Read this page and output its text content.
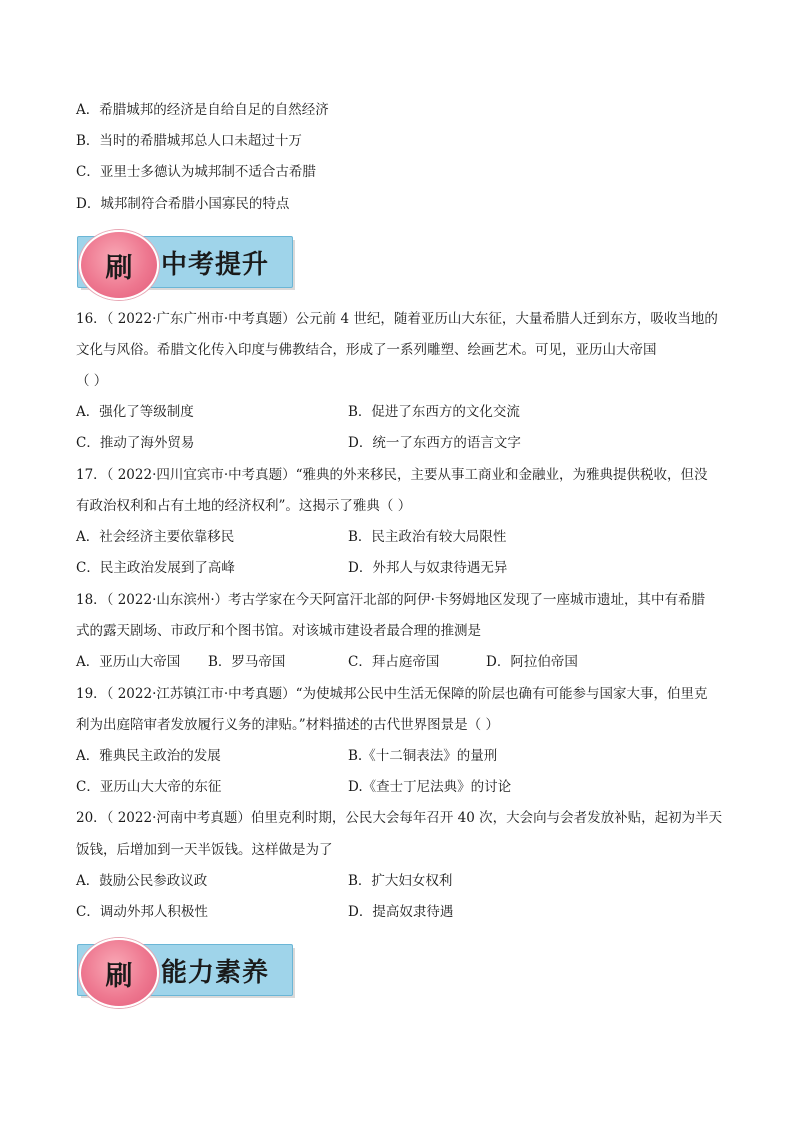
A．希腊城邦的经济是自给自足的自然经济
B．当时的希腊城邦总人口未超过十万
C．亚里士多德认为城邦制不适合古希腊
D．城邦制符合希腊小国寡民的特点
刷	中考提升
16．（ 2022·广东广州市·中考真题）公元前 4 世纪，随着亚历山大东征，大量希腊人迁到东方，吸收当地的
文化与风俗。希腊文化传入印度与佛教结合，形成了一系列雕塑、绘画艺术。可见，亚历山大帝国
（ ）
A．强化了等级制度	B．促进了东西方的文化交流
C．推动了海外贸易	D．统一了东西方的语言文字
17．（ 2022·四川宜宾市·中考真题）“雅典的外来移民，主要从事工商业和金融业，为雅典提供税收，但没
有政治权利和占有土地的经济权利”。这揭示了雅典（ ）
A．社会经济主要依靠移民	B．民主政治有较大局限性
C．民主政治发展到了高峰	D．外邦人与奴隶待遇无异
18．（ 2022·山东滨州·）考古学家在今天阿富汗北部的阿伊·卡努姆地区发现了一座城市遗址，其中有希腊
式的露天剧场、市政厅和个图书馆。对该城市建设者最合理的推测是
A．亚历山大帝国 B．罗马帝国	C．拜占庭帝国	D．阿拉伯帝国
19．（ 2022·江苏镇江市·中考真题）“为使城邦公民中生活无保障的阶层也确有可能参与国家大事，伯里克
利为出庭陪审者发放履行义务的津贴。”材料描述的古代世界图景是（ ）
A．雅典民主政治的发展	B.《十二铜表法》的量刑
C．亚历山大大帝的东征	D.《查士丁尼法典》的讨论
20．（ 2022·河南中考真题）伯里克利时期，公民大会每年召开 40 次，大会向与会者发放补贴，起初为半天
饭钱，后增加到一天半饭钱。这样做是为了
A．鼓励公民参政议政	B．扩大妇女权利
C．调动外邦人积极性	D．提高奴隶待遇
刷	能力素养
